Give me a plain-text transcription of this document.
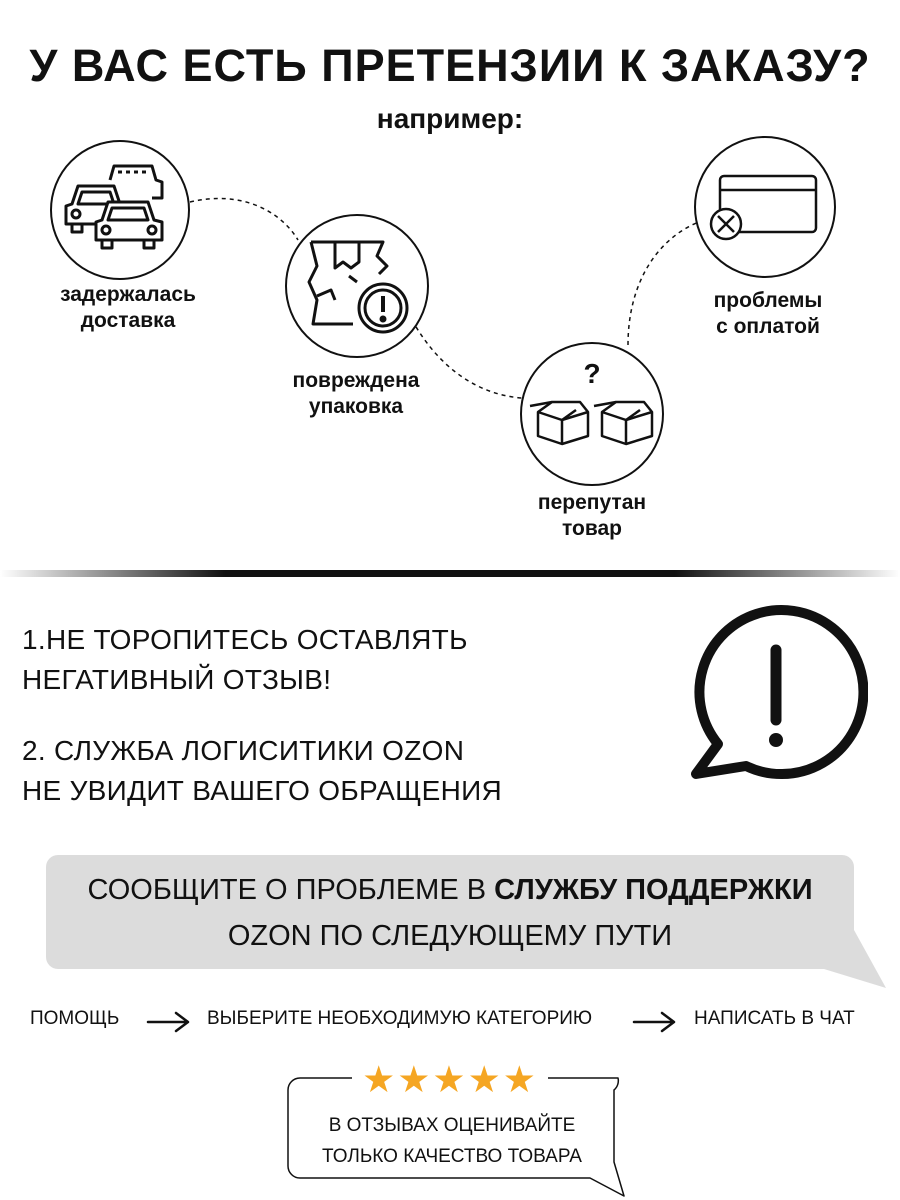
У ВАС ЕСТЬ ПРЕТЕНЗИИ К ЗАКАЗУ?
например:
задержалась
доставка
повреждена
упаковка
?
перепутан
товар
проблемы
с оплатой
1.НЕ ТОРОПИТЕСЬ ОСТАВЛЯТЬ
НЕГАТИВНЫЙ ОТЗЫВ!
2. СЛУЖБА ЛОГИСИТИКИ OZON
НЕ УВИДИТ ВАШЕГО ОБРАЩЕНИЯ
СООБЩИТЕ О ПРОБЛЕМЕ В СЛУЖБУ ПОДДЕРЖКИ
OZON ПО СЛЕДУЮЩЕМУ ПУТИ
ПОМОЩЬ	ВЫБЕРИТЕ НЕОБХОДИМУЮ КАТЕГОРИЮ	НАПИСАТЬ В ЧАТ
★★★★★
В ОТЗЫВАХ ОЦЕНИВАЙТЕ
ТОЛЬКО КАЧЕСТВО ТОВАРА
